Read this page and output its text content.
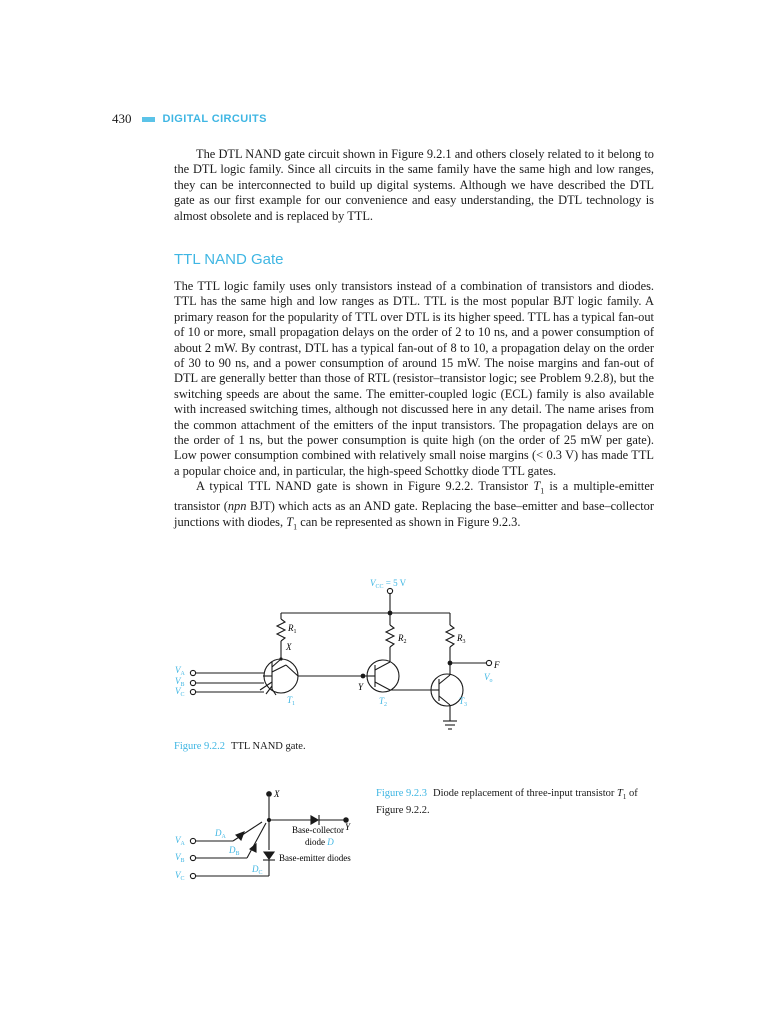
430	DIGITAL CIRCUITS

The DTL NAND gate circuit shown in Figure 9.2.1 and others closely related to it belong to the DTL logic family. Since all circuits in the same family have the same high and low ranges, they can be interconnected to build up digital systems. Although we have described the DTL gate as our first example for our convenience and easy understanding, the DTL technology is almost obsolete and is replaced by TTL.

TTL NAND Gate

The TTL logic family uses only transistors instead of a combination of transistors and diodes. TTL has the same high and low ranges as DTL. TTL is the most popular BJT logic family. A primary reason for the popularity of TTL over DTL is its higher speed. TTL has a typical fan-out of 10 or more, small propagation delays on the order of 2 to 10 ns, and a power consumption of about 2 mW. By contrast, DTL has a typical fan-out of 8 to 10, a propagation delay on the order of 30 to 90 ns, and a power consumption of around 15 mW. The noise margins and fan-out of DTL are generally better than those of RTL (resistor–transistor logic; see Problem 9.2.8), but the switching speeds are about the same. The emitter-coupled logic (ECL) family is also available with increased switching times, although not discussed here in any detail. The name arises from the common attachment of the emitters of the input transistors. The propagation delays are on the order of 1 ns, but the power consumption is quite high (on the order of 25 mW per gate). Low power consumption combined with relatively small noise margins (< 0.3 V) has made TTL a popular choice and, in particular, the high-speed Schottky diode TTL gates.

A typical TTL NAND gate is shown in Figure 9.2.2. Transistor $T_1$ is a multiple-emitter transistor (npn BJT) which acts as an AND gate. Replacing the base–emitter and base–collector junctions with diodes, $T_1$ can be represented as shown in Figure 9.2.3.

$V_{CC} = 5$ V
$R_1$
$R_2$	$R_3$
X
Y
F
$V_o$
$V_A$
$V_B$
$V_C$	$T_1$	$T_2$	$T_3$
X
Y
Base-collector
diode D
Base-emitter diodes
$D_A$
$D_B$
$D_C$
$V_A$
$V_B$
$V_C$
Figure 9.2.2 TTL NAND gate.
Figure 9.2.3 Diode replacement of three-input transistor $T_1$ of Figure 9.2.2.
